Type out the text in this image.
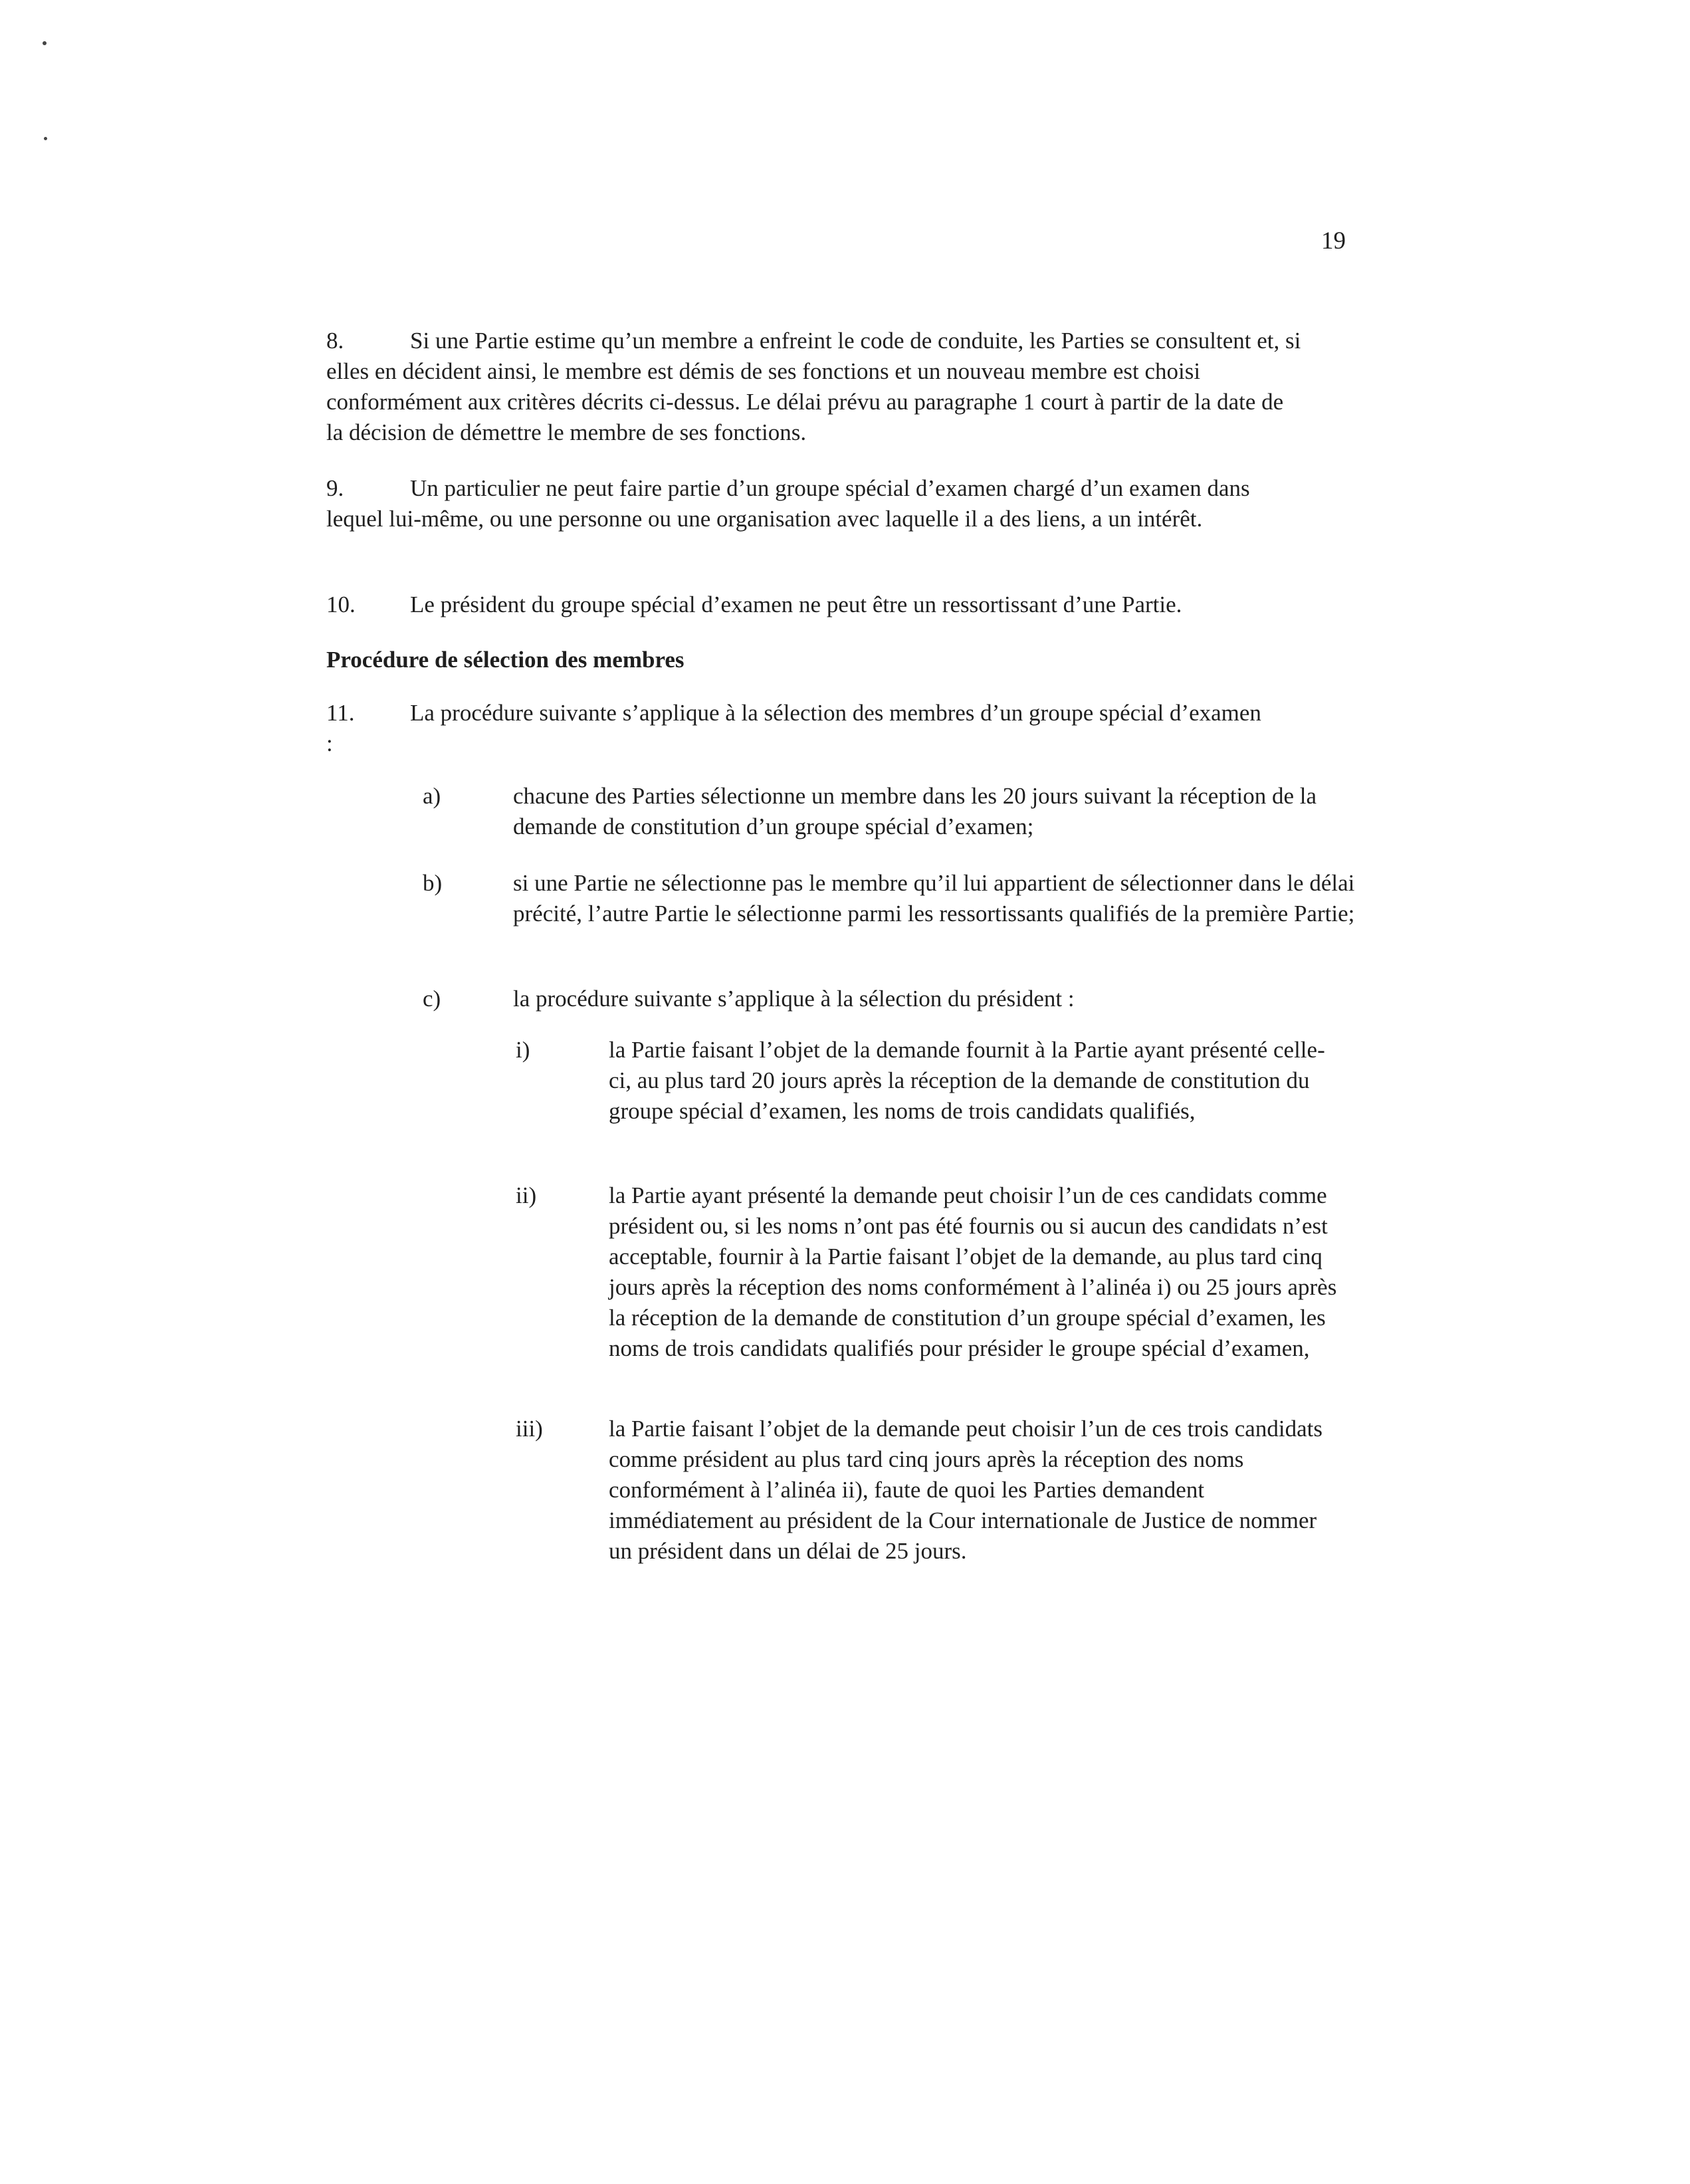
19
8.	Si une Partie estime qu’un membre a enfreint le code de conduite, les Parties se consultent et, si elles en décident ainsi, le membre est démis de ses fonctions et un nouveau membre est choisi conformément aux critères décrits ci-dessus. Le délai prévu au paragraphe 1 court à partir de la date de la décision de démettre le membre de ses fonctions.
9.	Un particulier ne peut faire partie d’un groupe spécial d’examen chargé d’un examen dans lequel lui-même, ou une personne ou une organisation avec laquelle il a des liens, a un intérêt.
10. Le président du groupe spécial d’examen ne peut être un ressortissant d’une Partie.
Procédure de sélection des membres
11. La procédure suivante s’applique à la sélection des membres d’un groupe spécial d’examen :
a)	chacune des Parties sélectionne un membre dans les 20 jours suivant la réception de la demande de constitution d’un groupe spécial d’examen;
b)	si une Partie ne sélectionne pas le membre qu’il lui appartient de sélectionner dans le délai précité, l’autre Partie le sélectionne parmi les ressortissants qualifiés de la première Partie;
c)	la procédure suivante s’applique à la sélection du président :
i)	la Partie faisant l’objet de la demande fournit à la Partie ayant présenté celle-ci, au plus tard 20 jours après la réception de la demande de constitution du groupe spécial d’examen, les noms de trois candidats qualifiés,
ii)	la Partie ayant présenté la demande peut choisir l’un de ces candidats comme président ou, si les noms n’ont pas été fournis ou si aucun des candidats n’est acceptable, fournir à la Partie faisant l’objet de la demande, au plus tard cinq jours après la réception des noms conformément à l’alinéa i) ou 25 jours après la réception de la demande de constitution d’un groupe spécial d’examen, les noms de trois candidats qualifiés pour présider le groupe spécial d’examen,
iii)	la Partie faisant l’objet de la demande peut choisir l’un de ces trois candidats comme président au plus tard cinq jours après la réception des noms conformément à l’alinéa ii), faute de quoi les Parties demandent immédiatement au président de la Cour internationale de Justice de nommer un président dans un délai de 25 jours.
